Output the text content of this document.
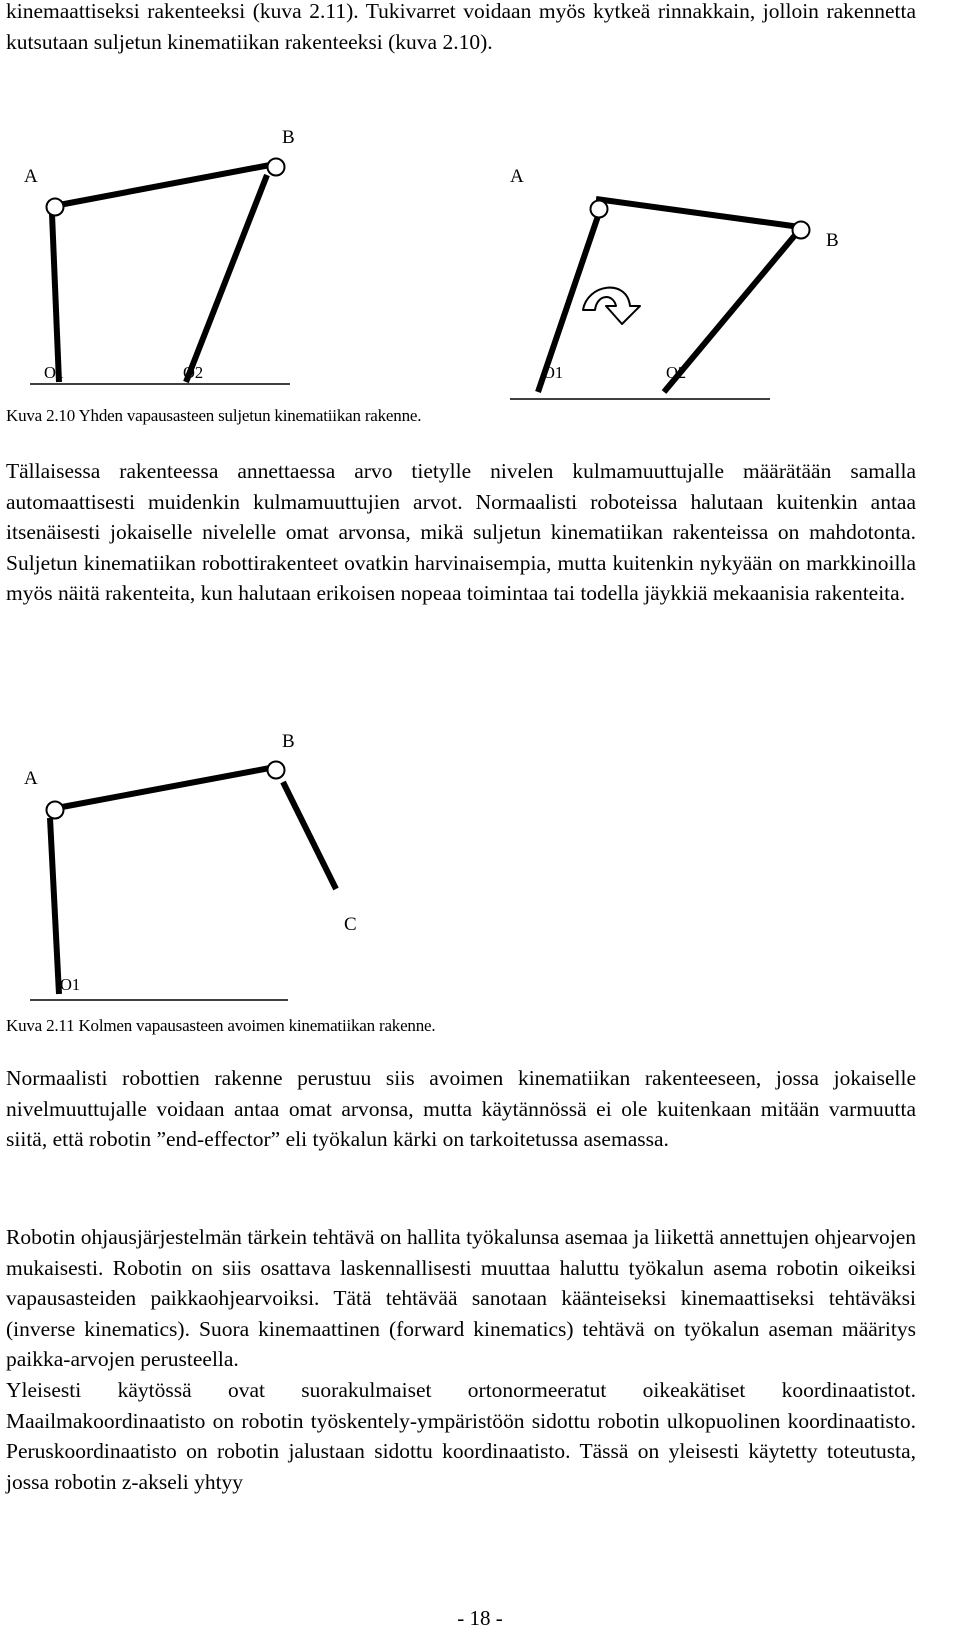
kinemaattiseksi rakenteeksi (kuva 2.11). Tukivarret voidaan myös kytkeä rinnakkain, jolloin rakennetta kutsutaan suljetun kinematiikan rakenteeksi (kuva 2.10).

A
B
O1	O2
A
B
O1	O2

Kuva 2.10 Yhden vapausasteen suljetun kinematiikan rakenne.

Tällaisessa rakenteessa annettaessa arvo tietylle nivelen kulmamuuttujalle määrätään samalla automaattisesti muidenkin kulmamuuttujien arvot. Normaalisti roboteissa halutaan kuitenkin antaa itsenäisesti jokaiselle nivelelle omat arvonsa, mikä suljetun kinematiikan rakenteissa on mahdotonta. Suljetun kinematiikan robottirakenteet ovatkin harvinaisempia, mutta kuitenkin nykyään on markkinoilla myös näitä rakenteita, kun halutaan erikoisen nopeaa toimintaa tai todella jäykkiä mekaanisia rakenteita.

A
B
C
O1

Kuva 2.11 Kolmen vapausasteen avoimen kinematiikan rakenne.

Normaalisti robottien rakenne perustuu siis avoimen kinematiikan rakenteeseen, jossa jokaiselle nivelmuuttujalle voidaan antaa omat arvonsa, mutta käytännössä ei ole kuitenkaan mitään varmuutta siitä, että robotin ”end-effector” eli työkalun kärki on tarkoitetussa asemassa.

Robotin ohjausjärjestelmän tärkein tehtävä on hallita työkalunsa asemaa ja liikettä annettujen ohjearvojen mukaisesti. Robotin on siis osattava laskennallisesti muuttaa haluttu työkalun asema robotin oikeiksi vapausasteiden paikkaohjearvoiksi. Tätä tehtävää sanotaan käänteiseksi kinemaattiseksi tehtäväksi (inverse kinematics). Suora kinemaattinen (forward kinematics) tehtävä on työkalun aseman määritys paikka-arvojen perusteella.

Yleisesti käytössä ovat suorakulmaiset ortonormeeratut oikeakätiset koordinaatistot. Maailmakoordinaatisto on robotin työskentely-ympäristöön sidottu robotin ulkopuolinen koordinaatisto. Peruskoordinaatisto on robotin jalustaan sidottu koordinaatisto. Tässä on yleisesti käytetty toteutusta, jossa robotin z-akseli yhtyy

- 18 -
